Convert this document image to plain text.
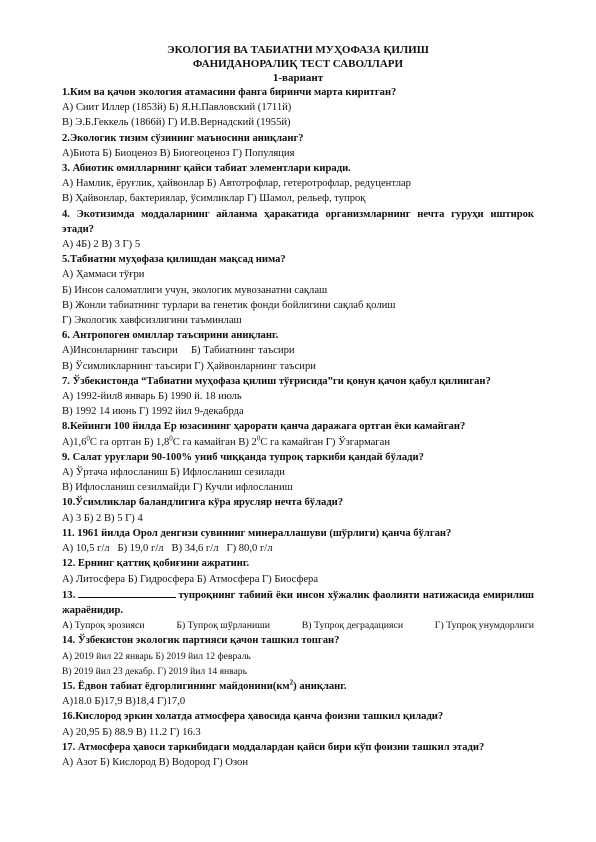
ЭКОЛОГИЯ ВА ТАБИАТНИ МУҲОФАЗА ҚИЛИШ
ФАНИДАНОРАЛИҚ ТЕСТ САВОЛЛАРИ
1-вариант
1.Ким ва қачон экология атамасини фанга биринчи марта киритган?
А) Сиит Иллер (1853й) Б) Я.Н.Павловский (1711й)
В) Э.Б.Геккель (1866й) Г) И.В.Вернадский (1955й)
2.Экологик тизим сўзининг маъносини аниқланг?
А)Биота Б) Биоценоз В) Биогеоценоз Г) Популяция
3. Абиотик омилларнинг қайси табиат элементлари киради.
А) Намлик, ёруғлик, ҳайвонлар Б) Автотрофлар, гетеротрофлар, редуцентлар
В) Ҳайвонлар, бактериялар, ўсимликлар Г) Шамол, рельеф, тупроқ
4. Экотизимда моддаларнинг айланма ҳаракатида организмларнинг нечта гуруҳи иштирок этади?
А) 4Б) 2 В) 3 Г) 5
5.Табиатни муҳофаза қилишдан мақсад нима?
А) Ҳаммаси тўғри
Б) Инсон саломатлиги учун, экологик мувозанатни сақлаш
В) Жонли табиатнинг турлари ва генетик фонди бойлигини сақлаб қолиш
Г) Экологик хавфсизлигини таъминлаш
6. Антропоген омиллар таъсирини аниқланг.
А)Инсонларнинг таъсири     Б) Табиатнинг таъсири
В) Ўсимликларнинг таъсири Г) Ҳайвонларнинг таъсири
7. Ўзбекистонда “Табиатни муҳофаза қилиш тўғрисида”ги қонун қачон қабул қилинган?
А) 1992-йил8 январь Б) 1990 й. 18 июль
В) 1992 14 июнь Г) 1992 йил 9-декабрда
8.Кейинги 100 йилда Ер юзасининг ҳарорати қанча даражага ортган ёки камайган?
$А)1,6^0С$ га ортган Б) $1,8^0С$ га камайган В) $2^0С$ га камайган Г) Ўзгармаган
9. Салат уруғлари 90-100% униб чиққанда тупроқ таркиби қандай бўлади?
А) Ўртача ифлосланиш Б) Ифлосланиш сезилади
В) Ифлосланиш сезилмайди Г) Кучли ифлосланиш
10.Ўсимликлар баландлигига кўра ярусляр нечта бўлади?
А) 3 Б) 2 В) 5 Г) 4
11. 1961 йилда Орол денгизи сувининг минераллашуви (шўрлиги) қанча бўлган?
А) 10,5 г/л   Б) 19,0 г/л   В) 34,6 г/л   Г) 80,0 г/л
12. Ернинг қаттиқ қобиғини ажратинг.
А) Литосфера Б) Гидросфера Б) Атмосфера Г) Биосфера
13.	тупроқнинг табиий ёки инсон хўжалик фаолияти натижасида емирилиш жараёнидир.
А) Тупроқ эрозияси	Б) Тупроқ шўрланиши	В) Тупроқ деградацияси	Г) Тупроқ унумдорлиги
14. Ўзбекистон экологик партияси қачон ташкил топган?
А) 2019 йил 22 январь Б) 2019 йил 12 февраль
В) 2019 йил 23 декабр. Г) 2019 йил 14 январь
15. Ёдвон табиат ёдгорлигининг $майдонини(км^2)$ аниқланг.
А)18.0 Б)17,9 В)18,4 Г)17,0
16.Кислород эркин холатда атмосфера ҳавосида қанча фоизни ташкил қилади?
А) 20,95 Б) 88.9 В) 11.2 Г) 16.3
17. Атмосфера ҳавоси таркибидаги моддалардан қайси бири кўп фоизни ташкил этади?
А) Азот Б) Кислород В) Водород Г) Озон
